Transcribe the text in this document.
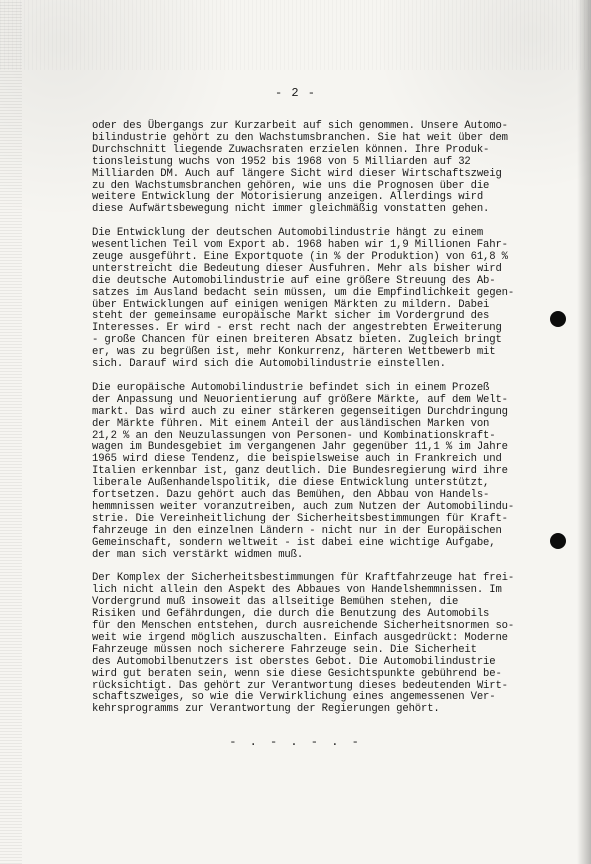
- 2 -
oder des Übergangs zur Kurzarbeit auf sich genommen. Unsere Automo-
bilindustrie gehört zu den Wachstumsbranchen. Sie hat weit über dem
Durchschnitt liegende Zuwachsraten erzielen können. Ihre Produk-
tionsleistung wuchs von 1952 bis 1968 von 5 Milliarden auf 32
Milliarden DM. Auch auf längere Sicht wird dieser Wirtschaftszweig
zu den Wachstumsbranchen gehören, wie uns die Prognosen über die
weitere Entwicklung der Motorisierung anzeigen. Allerdings wird
diese Aufwärtsbewegung nicht immer gleichmäßig vonstatten gehen.
Die Entwicklung der deutschen Automobilindustrie hängt zu einem
wesentlichen Teil vom Export ab. 1968 haben wir 1,9 Millionen Fahr-
zeuge ausgeführt. Eine Exportquote (in % der Produktion) von 61,8 %
unterstreicht die Bedeutung dieser Ausfuhren. Mehr als bisher wird
die deutsche Automobilindustrie auf eine größere Streuung des Ab-
satzes im Ausland bedacht sein müssen, um die Empfindlichkeit gegen-
über Entwicklungen auf einigen wenigen Märkten zu mildern. Dabei
steht der gemeinsame europäische Markt sicher im Vordergrund des
Interesses. Er wird - erst recht nach der angestrebten Erweiterung
- große Chancen für einen breiteren Absatz bieten. Zugleich bringt
er, was zu begrüßen ist, mehr Konkurrenz, härteren Wettbewerb mit
sich. Darauf wird sich die Automobilindustrie einstellen.
Die europäische Automobilindustrie befindet sich in einem Prozeß
der Anpassung und Neuorientierung auf größere Märkte, auf dem Welt-
markt. Das wird auch zu einer stärkeren gegenseitigen Durchdringung
der Märkte führen. Mit einem Anteil der ausländischen Marken von
21,2 % an den Neuzulassungen von Personen- und Kombinationskraft-
wagen im Bundesgebiet im vergangenen Jahr gegenüber 11,1 % im Jahre
1965 wird diese Tendenz, die beispielsweise auch in Frankreich und
Italien erkennbar ist, ganz deutlich. Die Bundesregierung wird ihre
liberale Außenhandelspolitik, die diese Entwicklung unterstützt,
fortsetzen. Dazu gehört auch das Bemühen, den Abbau von Handels-
hemmnissen weiter voranzutreiben, auch zum Nutzen der Automobilindu-
strie. Die Vereinheitlichung der Sicherheitsbestimmungen für Kraft-
fahrzeuge in den einzelnen Ländern - nicht nur in der Europäischen
Gemeinschaft, sondern weltweit - ist dabei eine wichtige Aufgabe,
der man sich verstärkt widmen muß.
Der Komplex der Sicherheitsbestimmungen für Kraftfahrzeuge hat frei-
lich nicht allein den Aspekt des Abbaues von Handelshemmnissen. Im
Vordergrund muß insoweit das allseitige Bemühen stehen, die
Risiken und Gefährdungen, die durch die Benutzung des Automobils
für den Menschen entstehen, durch ausreichende Sicherheitsnormen so-
weit wie irgend möglich auszuschalten. Einfach ausgedrückt: Moderne
Fahrzeuge müssen noch sicherere Fahrzeuge sein. Die Sicherheit
des Automobilbenutzers ist oberstes Gebot. Die Automobilindustrie
wird gut beraten sein, wenn sie diese Gesichtspunkte gebührend be-
rücksichtigt. Das gehört zur Verantwortung dieses bedeutenden Wirt-
schaftszweiges, so wie die Verwirklichung eines angemessenen Ver-
kehrsprogramms zur Verantwortung der Regierungen gehört.
- . - . - . -
